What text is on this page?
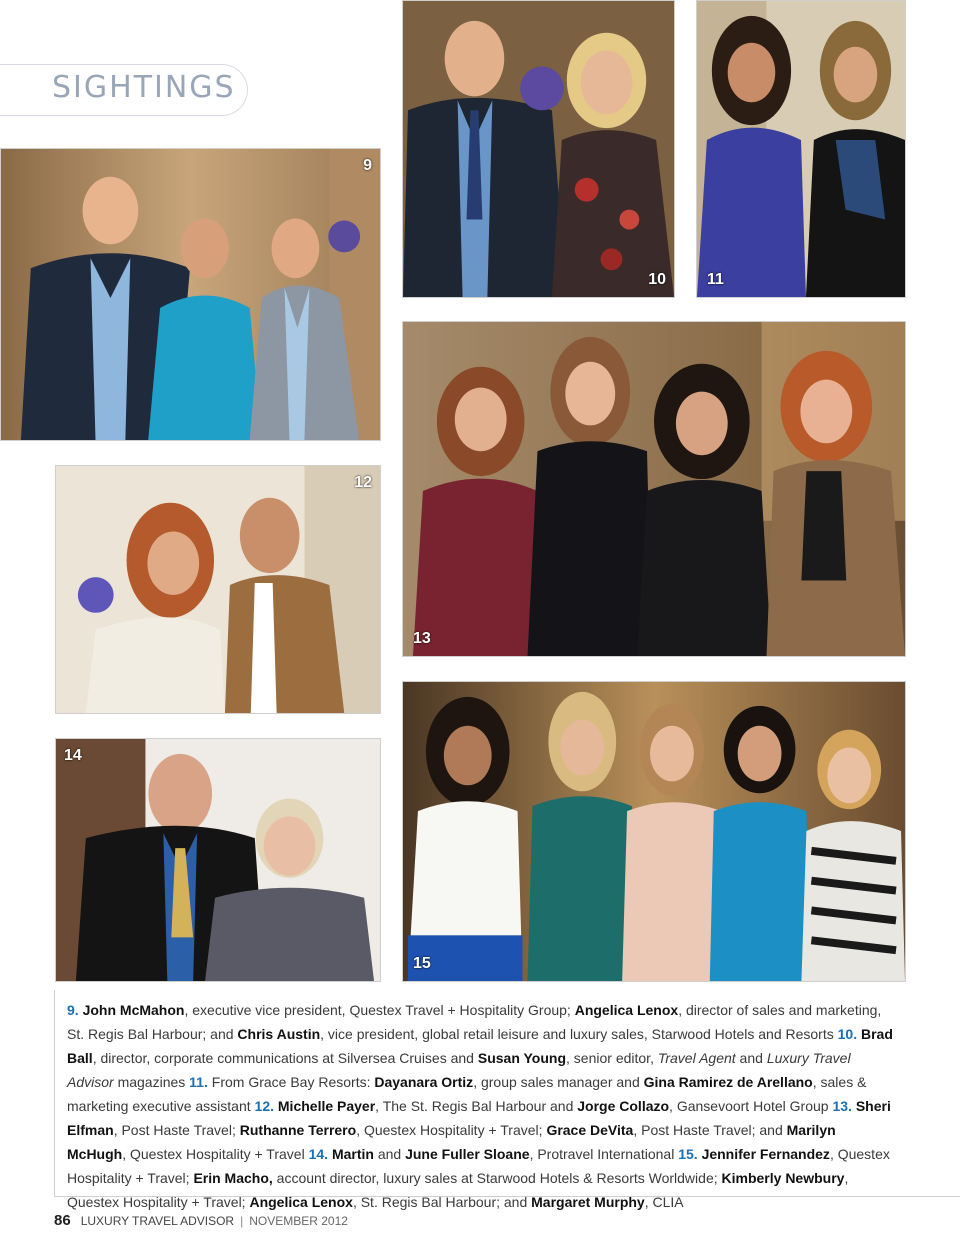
SIGHTINGS
9
10	11
12
13
14
15
9. John McMahon, executive vice president, Questex Travel + Hospitality Group; Angelica Lenox, director of sales and marketing, St. Regis Bal Harbour; and Chris Austin, vice president, global retail leisure and luxury sales, Starwood Hotels and Resorts 10. Brad Ball, director, corporate communications at Silversea Cruises and Susan Young, senior editor, Travel Agent and Luxury Travel Advisor magazines 11. From Grace Bay Resorts: Dayanara Ortiz, group sales manager and Gina Ramirez de Arellano, sales & marketing executive assistant 12. Michelle Payer, The St. Regis Bal Harbour and Jorge Collazo, Gansevoort Hotel Group 13. Sheri Elfman, Post Haste Travel; Ruthanne Terrero, Questex Hospitality + Travel; Grace DeVita, Post Haste Travel; and Marilyn McHugh, Questex Hospitality + Travel 14. Martin and June Fuller Sloane, Protravel International 15. Jennifer Fernandez, Questex Hospitality + Travel; Erin Macho, account director, luxury sales at Starwood Hotels & Resorts Worldwide; Kimberly Newbury, Questex Hospitality + Travel; Angelica Lenox, St. Regis Bal Harbour; and Margaret Murphy, CLIA
86 LUXURY TRAVEL ADVISOR | NOVEMBER 2012
